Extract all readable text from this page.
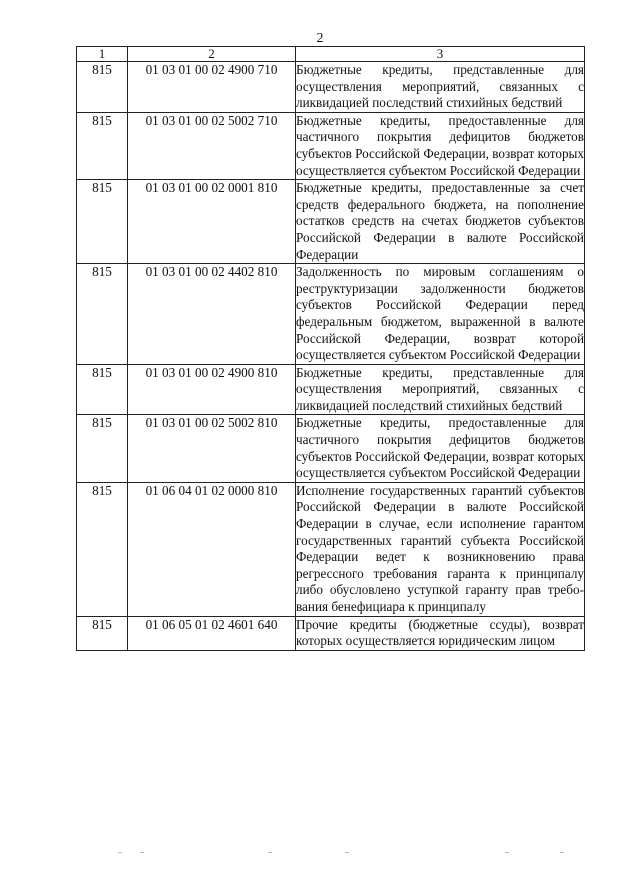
2
1	2	3
815	01 03 01 00 02 4900 710	Бюджетные кредиты, представленные для осуществления мероприятий, связанных с ликвидацией последствий стихийных бедствий
815	01 03 01 00 02 5002 710	Бюджетные кредиты, предоставленные для частичного покрытия дефицитов бюджетов субъектов Российской Федерации, возврат которых осуществляется субъектом Российской Федерации
815	01 03 01 00 02 0001 810	Бюджетные кредиты, предоставленные за счет средств федерального бюджета, на пополнение остатков средств на счетах бюджетов субъектов Российской Федерации в валюте Российской Федерации
815	01 03 01 00 02 4402 810	Задолженность по мировым соглашениям о реструктуризации задолженности бюджетов субъектов Российской Федерации перед федеральным бюджетом, выраженной в валюте Российской Федерации, возврат которой осуществляется субъектом Российской Федерации
815	01 03 01 00 02 4900 810	Бюджетные кредиты, представленные для осуществления мероприятий, связанных с ликвидацией последствий стихийных бедствий
815	01 03 01 00 02 5002 810	Бюджетные кредиты, предоставленные для частичного покрытия дефицитов бюджетов субъектов Российской Федерации, возврат которых осуществляется субъектом Российской Федерации
815	01 06 04 01 02 0000 810	Исполнение государственных гарантий субъектов Российской Федерации в валюте Российской Федерации в случае, если исполнение гарантом государственных гарантий субъекта Российской Федерации ведет к возникновению права регрессного требования гаранта к принципалу либо обусловлено уступкой гаранту прав требования бенефициара к принципалу
815	01 06 05 01 02 4601 640	Прочие кредиты (бюджетные ссуды), возврат которых осуществляется юридическим лицом
